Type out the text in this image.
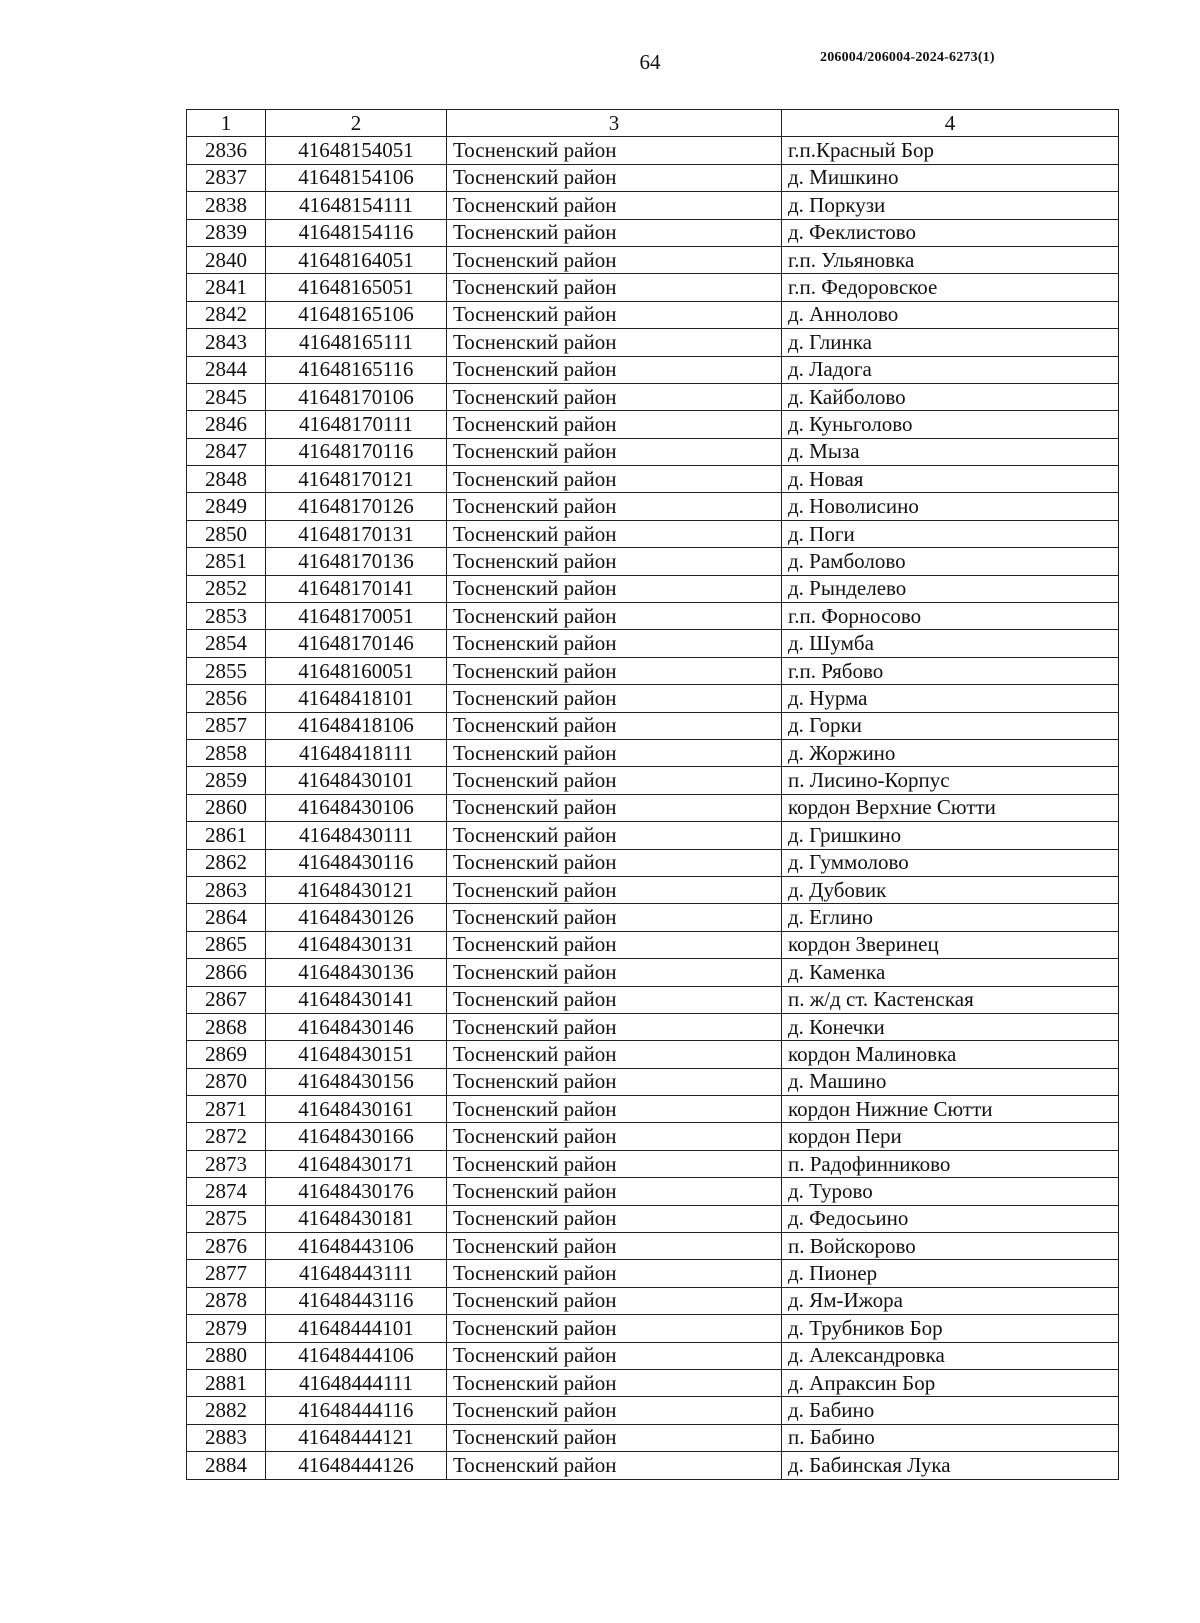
64	206004/206004-2024-6273(1)
1	2	3	4
2836	41648154051	Тосненский район	г.п.Красный Бор
2837	41648154106	Тосненский район	д. Мишкино
2838	41648154111	Тосненский район	д. Поркузи
2839	41648154116	Тосненский район	д. Феклистово
2840	41648164051	Тосненский район	г.п. Ульяновка
2841	41648165051	Тосненский район	г.п. Федоровское
2842	41648165106	Тосненский район	д. Аннолово
2843	41648165111	Тосненский район	д. Глинка
2844	41648165116	Тосненский район	д. Ладога
2845	41648170106	Тосненский район	д. Кайболово
2846	41648170111	Тосненский район	д. Куньголово
2847	41648170116	Тосненский район	д. Мыза
2848	41648170121	Тосненский район	д. Новая
2849	41648170126	Тосненский район	д. Новолисино
2850	41648170131	Тосненский район	д. Поги
2851	41648170136	Тосненский район	д. Рамболово
2852	41648170141	Тосненский район	д. Рынделево
2853	41648170051	Тосненский район	г.п. Форносово
2854	41648170146	Тосненский район	д. Шумба
2855	41648160051	Тосненский район	г.п. Рябово
2856	41648418101	Тосненский район	д. Нурма
2857	41648418106	Тосненский район	д. Горки
2858	41648418111	Тосненский район	д. Жоржино
2859	41648430101	Тосненский район	п. Лисино-Корпус
2860	41648430106	Тосненский район	кордон Верхние Сютти
2861	41648430111	Тосненский район	д. Гришкино
2862	41648430116	Тосненский район	д. Гуммолово
2863	41648430121	Тосненский район	д. Дубовик
2864	41648430126	Тосненский район	д. Еглино
2865	41648430131	Тосненский район	кордон Зверинец
2866	41648430136	Тосненский район	д. Каменка
2867	41648430141	Тосненский район	п. ж/д ст. Кастенская
2868	41648430146	Тосненский район	д. Конечки
2869	41648430151	Тосненский район	кордон Малиновка
2870	41648430156	Тосненский район	д. Машино
2871	41648430161	Тосненский район	кордон Нижние Сютти
2872	41648430166	Тосненский район	кордон Пери
2873	41648430171	Тосненский район	п. Радофинниково
2874	41648430176	Тосненский район	д. Турово
2875	41648430181	Тосненский район	д. Федосьино
2876	41648443106	Тосненский район	п. Войскорово
2877	41648443111	Тосненский район	д. Пионер
2878	41648443116	Тосненский район	д. Ям-Ижора
2879	41648444101	Тосненский район	д. Трубников Бор
2880	41648444106	Тосненский район	д. Александровка
2881	41648444111	Тосненский район	д. Апраксин Бор
2882	41648444116	Тосненский район	д. Бабино
2883	41648444121	Тосненский район	п. Бабино
2884	41648444126	Тосненский район	д. Бабинская Лука
